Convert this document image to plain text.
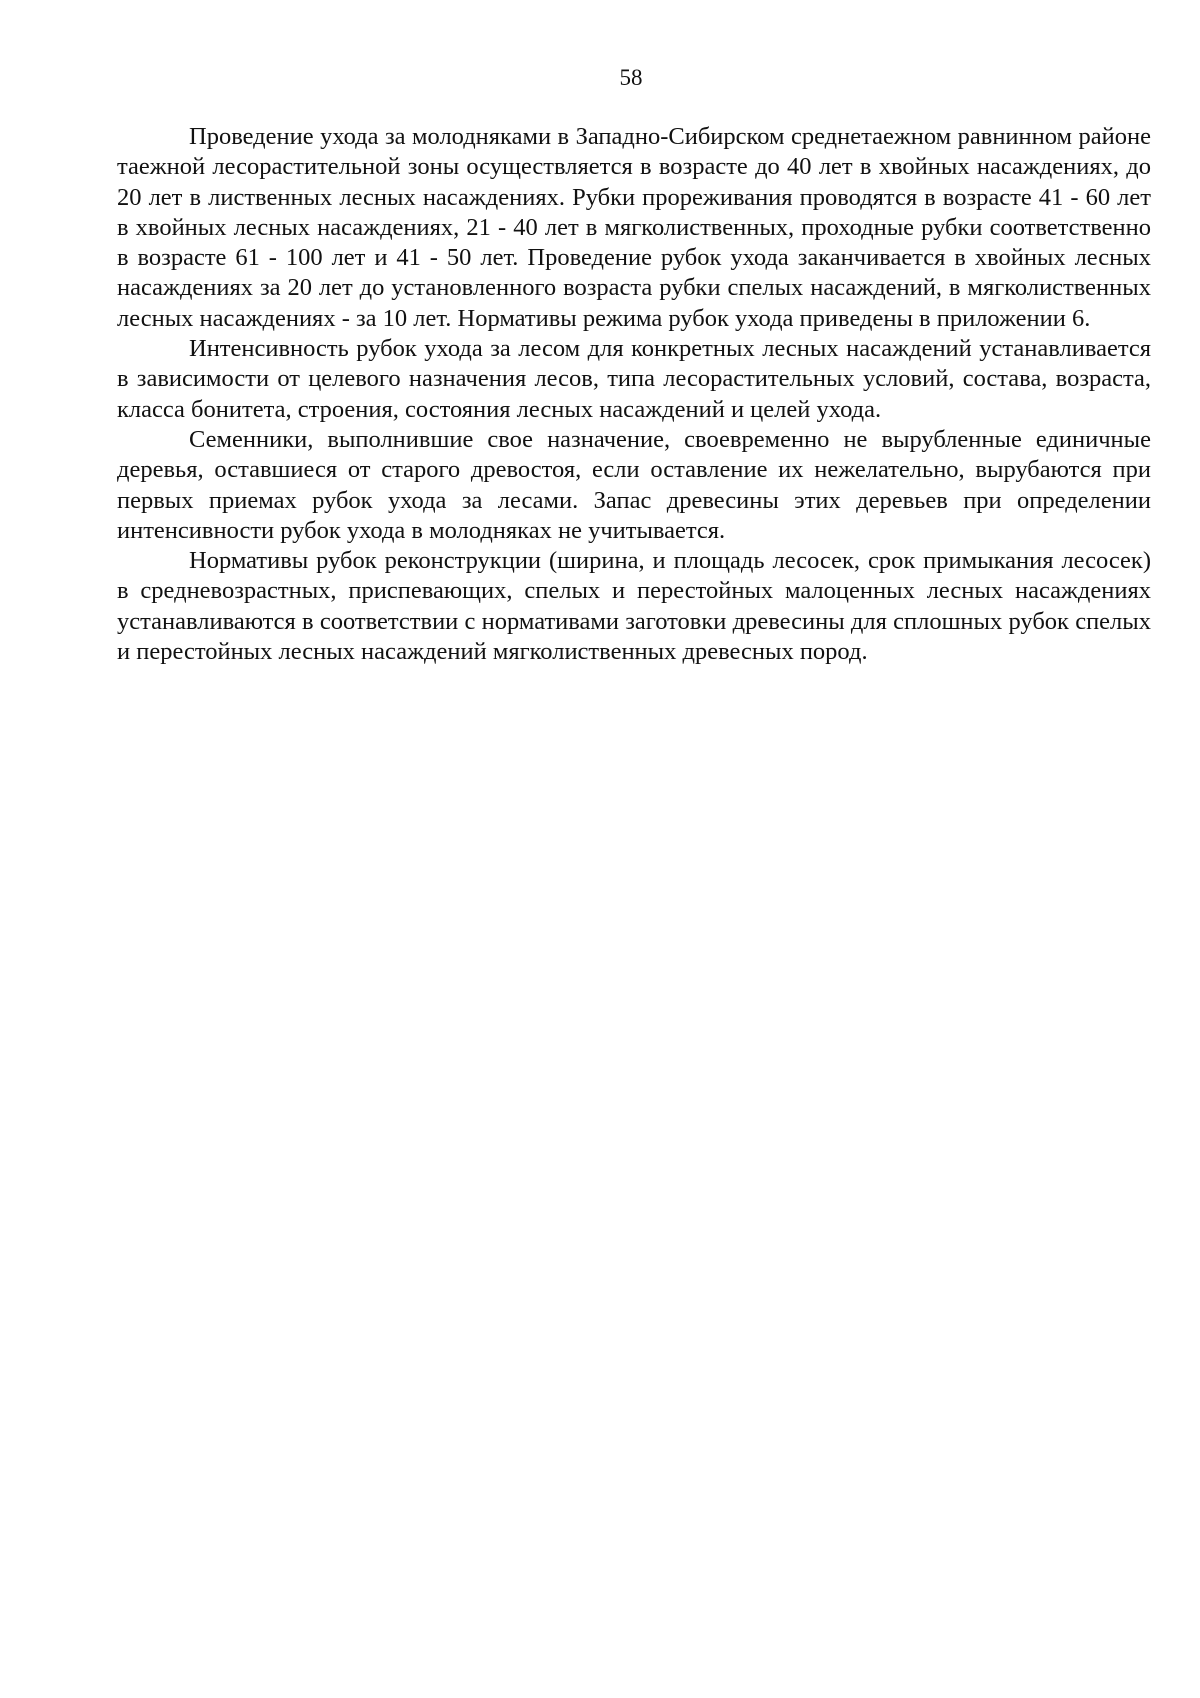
58

Проведение ухода за молодняками в Западно-Сибирском среднетаежном равнинном районе таежной лесорастительной зоны осуществляется в возрасте до 40 лет в хвойных насаждениях, до 20 лет в лиственных лесных насаждениях. Рубки прореживания проводятся в возрасте 41 - 60 лет в хвойных лесных насаждениях, 21 - 40 лет в мягколиственных, проходные рубки соответственно в возрасте 61 - 100 лет и 41 - 50 лет. Проведение рубок ухода заканчивается в хвойных лесных насаждениях за 20 лет до установленного возраста рубки спелых насаждений, в мягколиственных лесных насаждениях - за 10 лет. Нормативы режима рубок ухода приведены в приложении 6.

Интенсивность рубок ухода за лесом для конкретных лесных насаждений устанавливается в зависимости от целевого назначения лесов, типа лесорастительных условий, состава, возраста, класса бонитета, строения, состояния лесных насаждений и целей ухода.

Семенники, выполнившие свое назначение, своевременно не вырубленные единичные деревья, оставшиеся от старого древостоя, если оставление их нежелательно, вырубаются при первых приемах рубок ухода за лесами. Запас древесины этих деревьев при определении интенсивности рубок ухода в молодняках не учитывается.

Нормативы рубок реконструкции (ширина, и площадь лесосек, срок примыкания лесосек) в средневозрастных, приспевающих, спелых и перестойных малоценных лесных насаждениях устанавливаются в соответствии с нормативами заготовки древесины для сплошных рубок спелых и перестойных лесных насаждений мягколиственных древесных пород.
